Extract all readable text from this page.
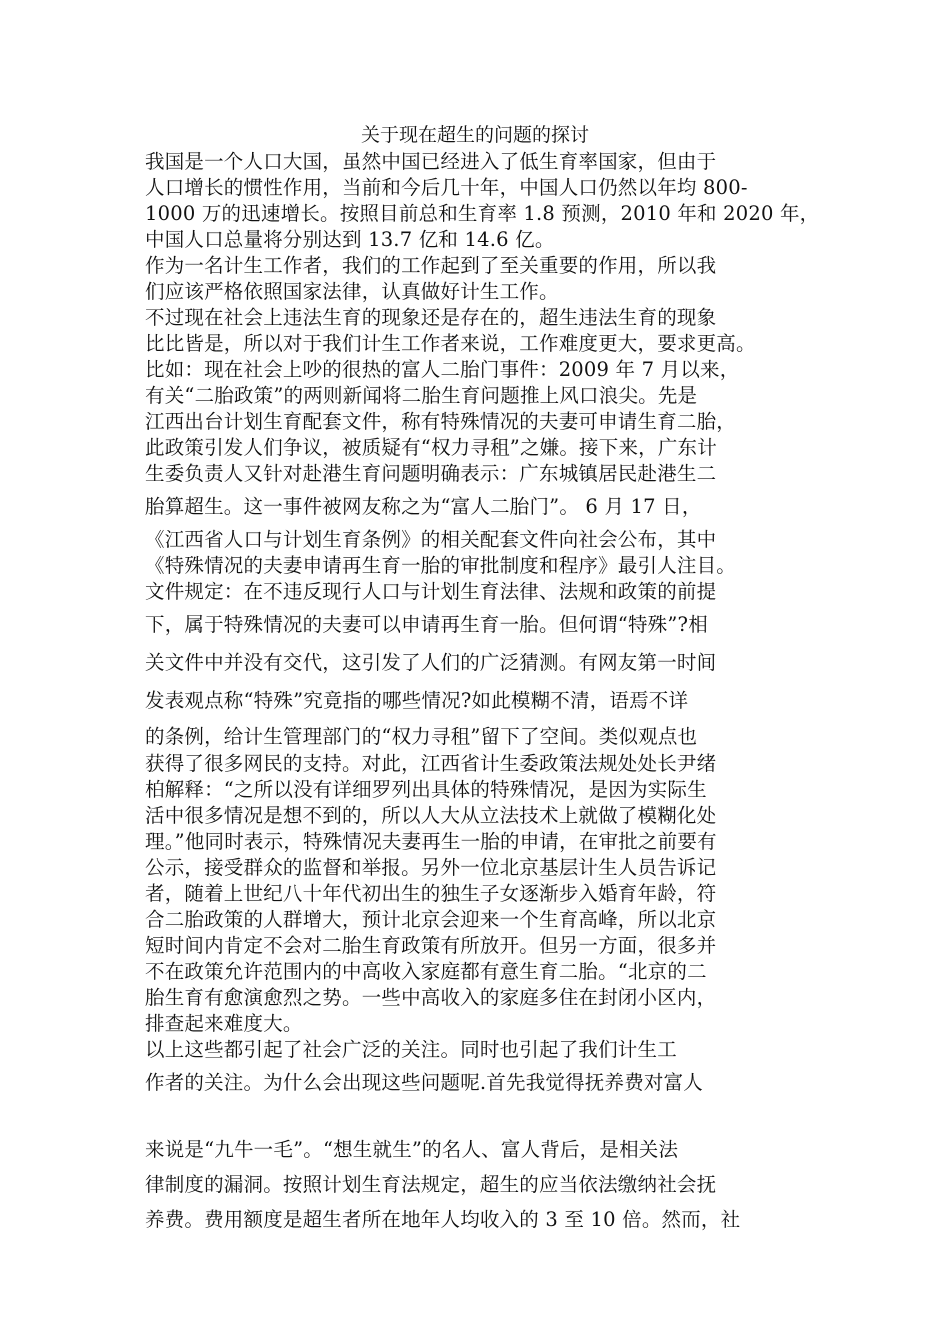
关于现在超生的问题的探讨
我国是一个人口大国，虽然中国已经进入了低生育率国家，但由于
人口增长的惯性作用，当前和今后几十年，中国人口仍然以年均 800-
1000 万的迅速增长。按照目前总和生育率 1.8 预测，2010 年和 2020 年，
中国人口总量将分别达到 13.7 亿和 14.6 亿。
作为一名计生工作者，我们的工作起到了至关重要的作用，所以我
们应该严格依照国家法律，认真做好计生工作。
不过现在社会上违法生育的现象还是存在的，超生违法生育的现象
比比皆是，所以对于我们计生工作者来说，工作难度更大，要求更高。
比如：现在社会上吵的很热的富人二胎门事件：2009 年 7 月以来，
有关“二胎政策”的两则新闻将二胎生育问题推上风口浪尖。先是
江西出台计划生育配套文件，称有特殊情况的夫妻可申请生育二胎，
此政策引发人们争议，被质疑有“权力寻租”之嫌。接下来，广东计
生委负责人又针对赴港生育问题明确表示：广东城镇居民赴港生二
胎算超生。这一事件被网友称之为“富人二胎门”。 6 月 17 日，
《江西省人口与计划生育条例》的相关配套文件向社会公布，其中
《特殊情况的夫妻申请再生育一胎的审批制度和程序》最引人注目。
文件规定：在不违反现行人口与计划生育法律、法规和政策的前提
下，属于特殊情况的夫妻可以申请再生育一胎。但何谓“特殊”?相
关文件中并没有交代，这引发了人们的广泛猜测。有网友第一时间
发表观点称“特殊”究竟指的哪些情况?如此模糊不清，语焉不详
的条例，给计生管理部门的“权力寻租”留下了空间。类似观点也
获得了很多网民的支持。对此，江西省计生委政策法规处处长尹绪
柏解释：“之所以没有详细罗列出具体的特殊情况，是因为实际生
活中很多情况是想不到的，所以人大从立法技术上就做了模糊化处
理。”他同时表示，特殊情况夫妻再生一胎的申请，在审批之前要有
公示，接受群众的监督和举报。另外一位北京基层计生人员告诉记
者，随着上世纪八十年代初出生的独生子女逐渐步入婚育年龄，符
合二胎政策的人群增大，预计北京会迎来一个生育高峰，所以北京
短时间内肯定不会对二胎生育政策有所放开。但另一方面，很多并
不在政策允许范围内的中高收入家庭都有意生育二胎。“北京的二
胎生育有愈演愈烈之势。一些中高收入的家庭多住在封闭小区内，
排查起来难度大。
以上这些都引起了社会广泛的关注。同时也引起了我们计生工
作者的关注。为什么会出现这些问题呢.首先我觉得抚养费对富人
来说是“九牛一毛”。“想生就生”的名人、富人背后，是相关法
律制度的漏洞。按照计划生育法规定，超生的应当依法缴纳社会抚
养费。费用额度是超生者所在地年人均收入的 3 至 10 倍。然而，社
